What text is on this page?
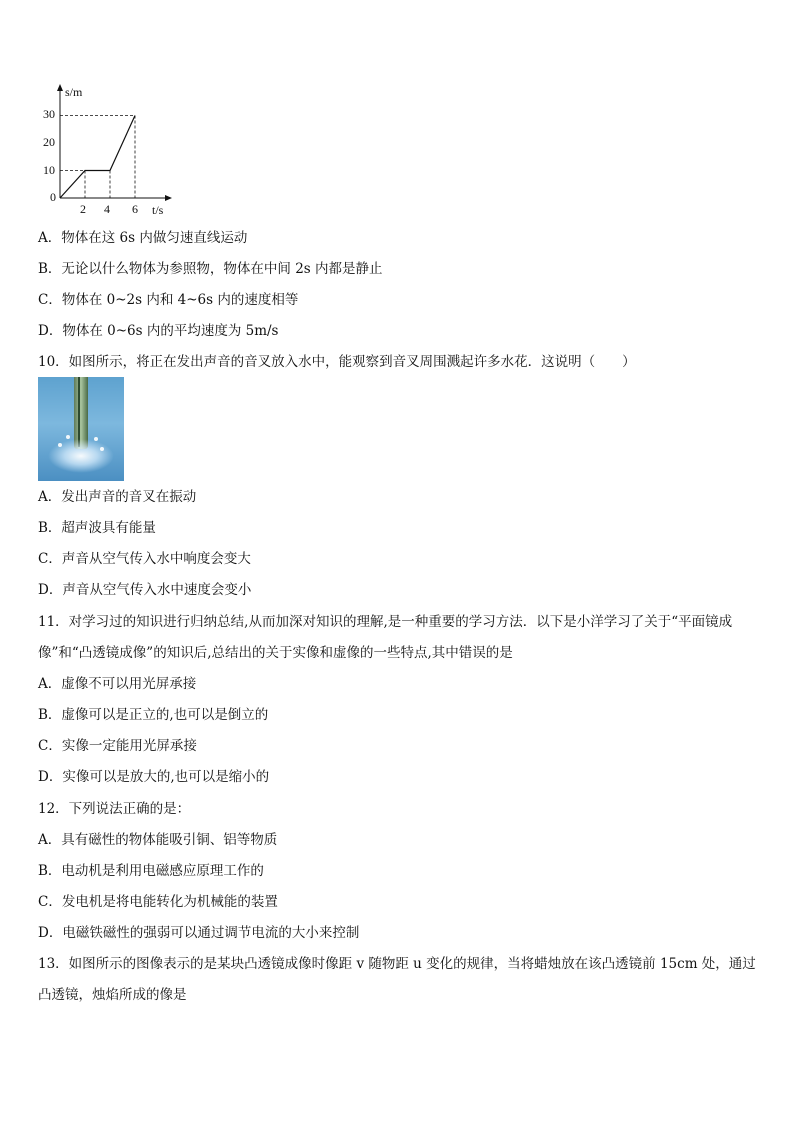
s/m
t/s
30
20
10
0
2 4 6
A．物体在这 6s 内做匀速直线运动
B．无论以什么物体为参照物，物体在中间 2s 内都是静止
C．物体在 0~2s 内和 4~6s 内的速度相等
D．物体在 0~6s 内的平均速度为 5m/s
10．如图所示，将正在发出声音的音叉放入水中，能观察到音叉周围溅起许多水花．这说明（　　）
A．发出声音的音叉在振动
B．超声波具有能量
C．声音从空气传入水中响度会变大
D．声音从空气传入水中速度会变小
11．对学习过的知识进行归纳总结,从而加深对知识的理解,是一种重要的学习方法．以下是小洋学习了关于“平面镜成
像”和“凸透镜成像”的知识后,总结出的关于实像和虚像的一些特点,其中错误的是
A．虚像不可以用光屏承接
B．虚像可以是正立的,也可以是倒立的
C．实像一定能用光屏承接
D．实像可以是放大的,也可以是缩小的
12．下列说法正确的是：
A．具有磁性的物体能吸引铜、铝等物质
B．电动机是利用电磁感应原理工作的
C．发电机是将电能转化为机械能的装置
D．电磁铁磁性的强弱可以通过调节电流的大小来控制
13．如图所示的图像表示的是某块凸透镜成像时像距 v 随物距 u 变化的规律，当将蜡烛放在该凸透镜前 15cm 处，通过
凸透镜，烛焰所成的像是
